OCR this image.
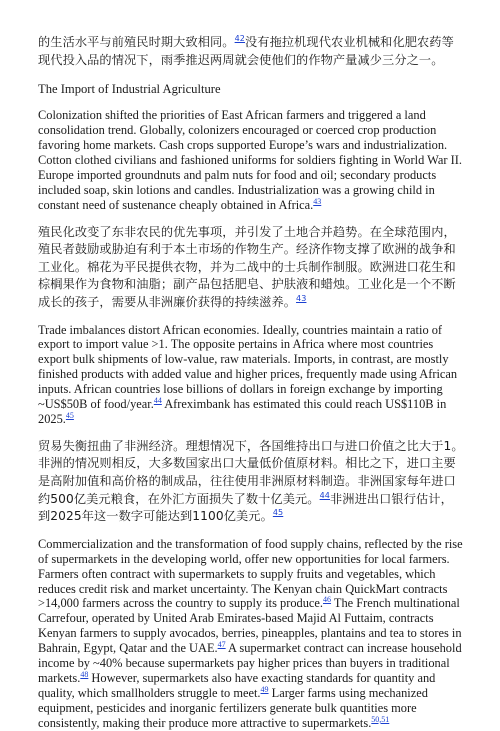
的生活水平与前殖民时期大致相同。$^{42}$没有拖拉机现代农业机械和化肥农药等现代投入品的情况下，雨季推迟两周就会使他们的作物产量减少三分之一。

The Import of Industrial Agriculture

Colonization shifted the priorities of East African farmers and triggered a land consolidation trend. Globally, colonizers encouraged or coerced crop production favoring home markets. Cash crops supported Europe’s wars and industrialization. Cotton clothed civilians and fashioned uniforms for soldiers fighting in World War II. Europe imported groundnuts and palm nuts for food and oil; secondary products included soap, skin lotions and candles. Industrialization was a growing child in constant need of sustenance cheaply obtained in Africa.$^{43}$

殖民化改变了东非农民的优先事项，并引发了土地合并趋势。在全球范围内，殖民者鼓励或胁迫有利于本土市场的作物生产。经济作物支撑了欧洲的战争和工业化。棉花为平民提供衣物，并为二战中的士兵制作制服。欧洲进口花生和棕榈果作为食物和油脂；副产品包括肥皂、护肤液和蜡烛。工业化是一个不断成长的孩子，需要从非洲廉价获得的持续滋养。$^{43}$

Trade imbalances distort African economies. Ideally, countries maintain a ratio of export to import value >1. The opposite pertains in Africa where most countries export bulk shipments of low-value, raw materials. Imports, in contrast, are mostly finished products with added value and higher prices, frequently made using African inputs. African countries lose billions of dollars in foreign exchange by importing ~US$50B of food/year.$^{44}$ Afreximbank has estimated this could reach US$110B in 2025.45

贸易失衡扭曲了非洲经济。理想情况下，各国维持出口与进口价值之比大于1。非洲的情况则相反，大多数国家出口大量低价值原材料。相比之下，进口主要是高附加值和高价格的制成品，往往使用非洲原材料制造。非洲国家每年进口约500亿美元粮食，在外汇方面损失了数十亿美元。$^{44}$非洲进出口银行估计，到2025年这一数字可能达到1100亿美元。$^{45}$

Commercialization and the transformation of food supply chains, reflected by the rise of supermarkets in the developing world, offer new opportunities for local farmers. Farmers often contract with supermarkets to supply fruits and vegetables, which reduces credit risk and market uncertainty. The Kenyan chain QuickMart contracts >14,000 farmers across the country to supply its produce.$^{46}$ The French multinational Carrefour, operated by United Arab Emirates-based Majid Al Futtaim, contracts Kenyan farmers to supply avocados, berries, pineapples, plantains and tea to stores in Bahrain, Egypt, Qatar and the UAE.$^{47}$ A supermarket contract can increase household income by ~40% because supermarkets pay higher prices than buyers in traditional markets.$^{48}$ However, supermarkets also have exacting standards for quantity and quality, which smallholders struggle to meet.$^{49}$ Larger farms using mechanized equipment, pesticides and inorganic fertilizers generate bulk quantities more consistently, making their produce more attractive to supermarkets.$^{50,51}$
